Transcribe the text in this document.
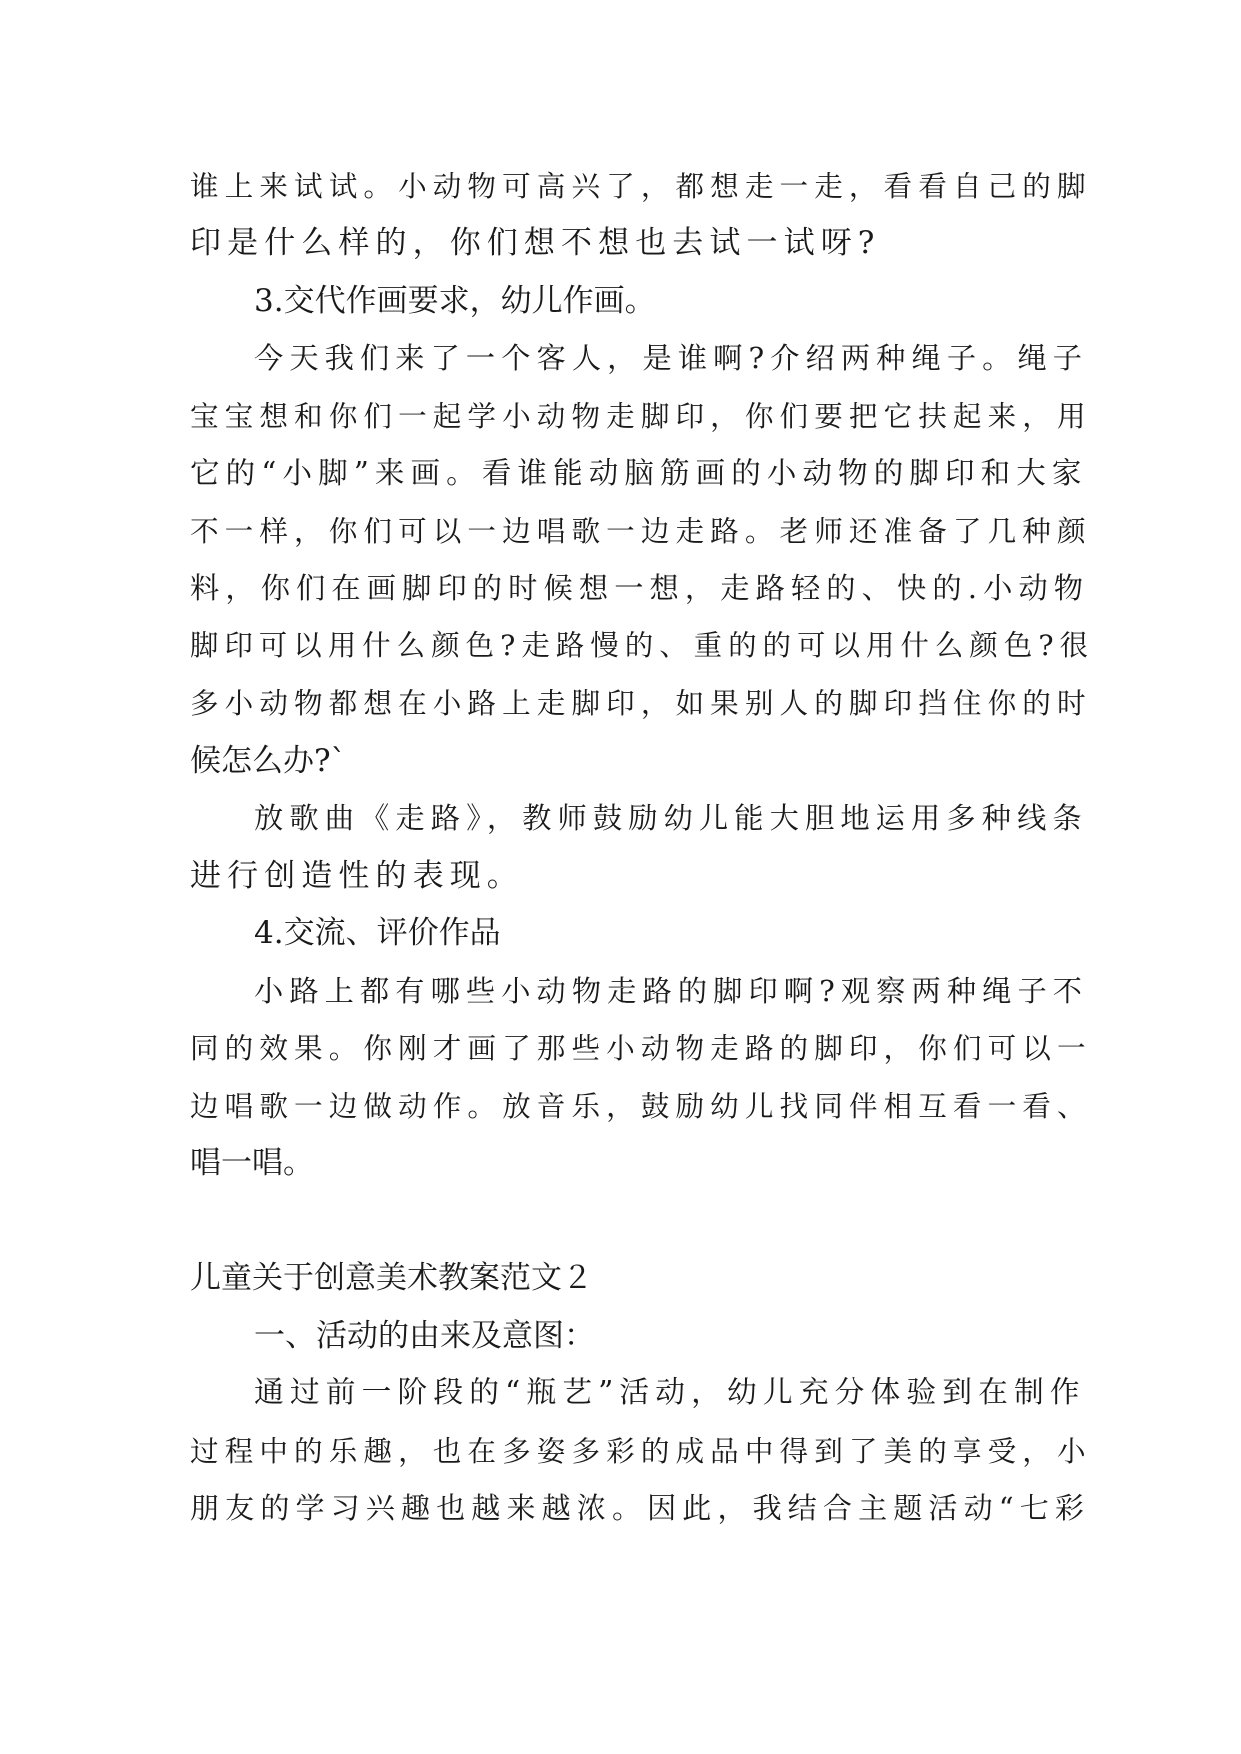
谁上来试试。小动物可高兴了，都想走一走，看看自己的脚
印是什么样的，你们想不想也去试一试呀?
3.交代作画要求，幼儿作画。
今天我们来了一个客人，是谁啊?介绍两种绳子。绳子
宝宝想和你们一起学小动物走脚印，你们要把它扶起来，用
它的“小脚”来画。看谁能动脑筋画的小动物的脚印和大家
不一样，你们可以一边唱歌一边走路。老师还准备了几种颜
料，你们在画脚印的时候想一想，走路轻的、快的.小动物
脚印可以用什么颜色?走路慢的、重的的可以用什么颜色?很
多小动物都想在小路上走脚印，如果别人的脚印挡住你的时
候怎么办?`
放歌曲《走路》，教师鼓励幼儿能大胆地运用多种线条
进行创造性的表现。
4.交流、评价作品
小路上都有哪些小动物走路的脚印啊?观察两种绳子不
同的效果。你刚才画了那些小动物走路的脚印，你们可以一
边唱歌一边做动作。放音乐，鼓励幼儿找同伴相互看一看、
唱一唱。
儿童关于创意美术教案范文２
一、活动的由来及意图：
通过前一阶段的“瓶艺”活动，幼儿充分体验到在制作
过程中的乐趣，也在多姿多彩的成品中得到了美的享受，小
朋友的学习兴趣也越来越浓。因此，我结合主题活动“七彩
